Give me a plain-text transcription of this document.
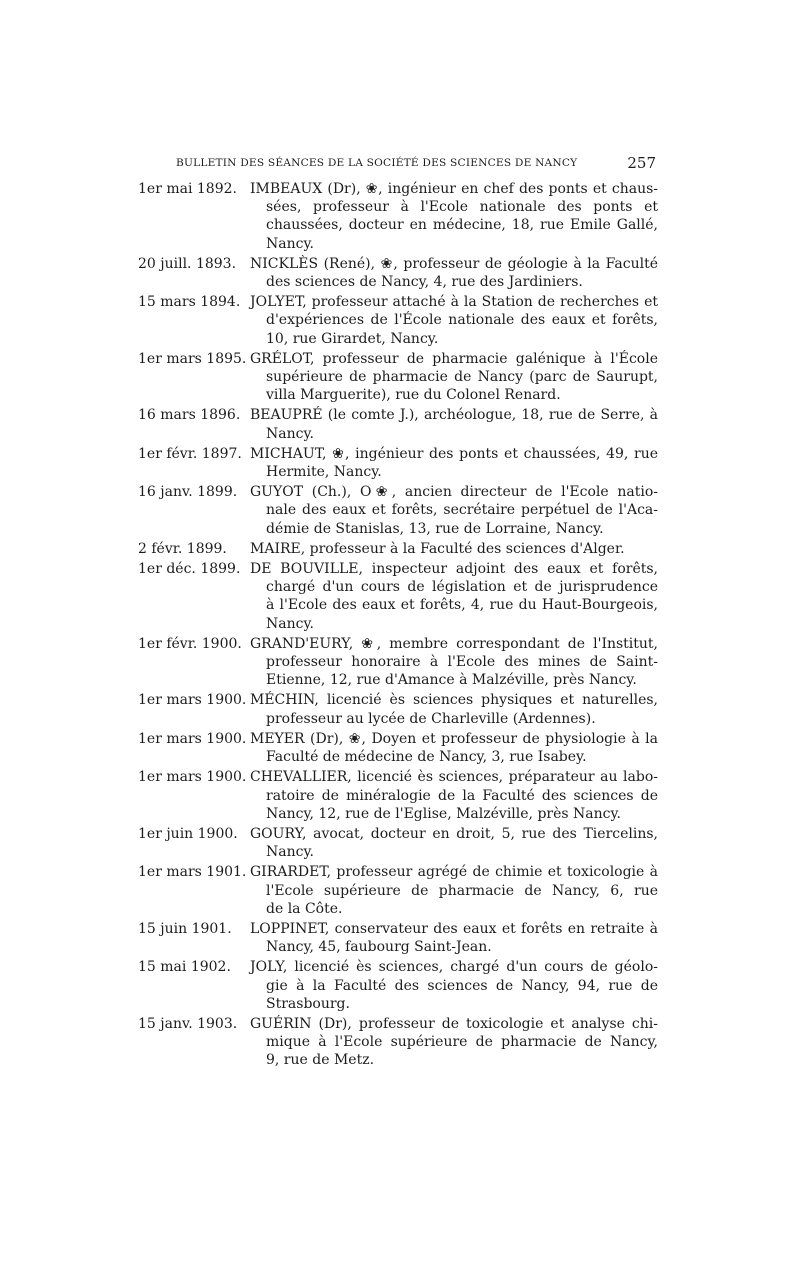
BULLETIN DES SÉANCES DE LA SOCIÉTÉ DES SCIENCES DE NANCY	257
1er mai 1892. IMBEAUX (Dr), ❀, ingénieur en chef des ponts et chaus-
sées, professeur à l'Ecole nationale des ponts et
chaussées, docteur en médecine, 18, rue Emile Gallé,
Nancy.
20 juill. 1893. NICKLÈS (René), ❀, professeur de géologie à la Faculté
des sciences de Nancy, 4, rue des Jardiniers.
15 mars 1894. JOLYET, professeur attaché à la Station de recherches et
d'expériences de l'École nationale des eaux et forêts,
10, rue Girardet, Nancy.
1er mars 1895. GRÉLOT, professeur de pharmacie galénique à l'École
supérieure de pharmacie de Nancy (parc de Saurupt,
villa Marguerite), rue du Colonel Renard.
16 mars 1896. BEAUPRÉ (le comte J.), archéologue, 18, rue de Serre, à
Nancy.
1er févr. 1897. MICHAUT, ❀, ingénieur des ponts et chaussées, 49, rue
Hermite, Nancy.
16 janv. 1899. GUYOT (Ch.), O❀, ancien directeur de l'Ecole natio-
nale des eaux et forêts, secrétaire perpétuel de l'Aca-
démie de Stanislas, 13, rue de Lorraine, Nancy.
2 févr. 1899.	MAIRE, professeur à la Faculté des sciences d'Alger.
1er déc. 1899. DE BOUVILLE, inspecteur adjoint des eaux et forêts,
chargé d'un cours de législation et de jurisprudence
à l'Ecole des eaux et forêts, 4, rue du Haut-Bourgeois,
Nancy.
1er févr. 1900. GRAND'EURY, ❀, membre correspondant de l'Institut,
professeur honoraire à l'Ecole des mines de Saint-
Etienne, 12, rue d'Amance à Malzéville, près Nancy.
1er mars 1900. MÉCHIN, licencié ès sciences physiques et naturelles,
professeur au lycée de Charleville (Ardennes).
1er mars 1900. MEYER (Dr), ❀, Doyen et professeur de physiologie à la
Faculté de médecine de Nancy, 3, rue Isabey.
1er mars 1900. CHEVALLIER, licencié ès sciences, préparateur au labo-
ratoire de minéralogie de la Faculté des sciences de
Nancy, 12, rue de l'Eglise, Malzéville, près Nancy.
1er juin 1900. GOURY, avocat, docteur en droit, 5, rue des Tiercelins,
Nancy.
1er mars 1901. GIRARDET, professeur agrégé de chimie et toxicologie à
l'Ecole supérieure de pharmacie de Nancy, 6, rue
de la Côte.
15 juin 1901.	LOPPINET, conservateur des eaux et forêts en retraite à
Nancy, 45, faubourg Saint-Jean.
15 mai 1902.	JOLY, licencié ès sciences, chargé d'un cours de géolo-
gie à la Faculté des sciences de Nancy, 94, rue de
Strasbourg.
15 janv. 1903. GUÉRIN (Dr), professeur de toxicologie et analyse chi-
mique à l'Ecole supérieure de pharmacie de Nancy,
9, rue de Metz.
